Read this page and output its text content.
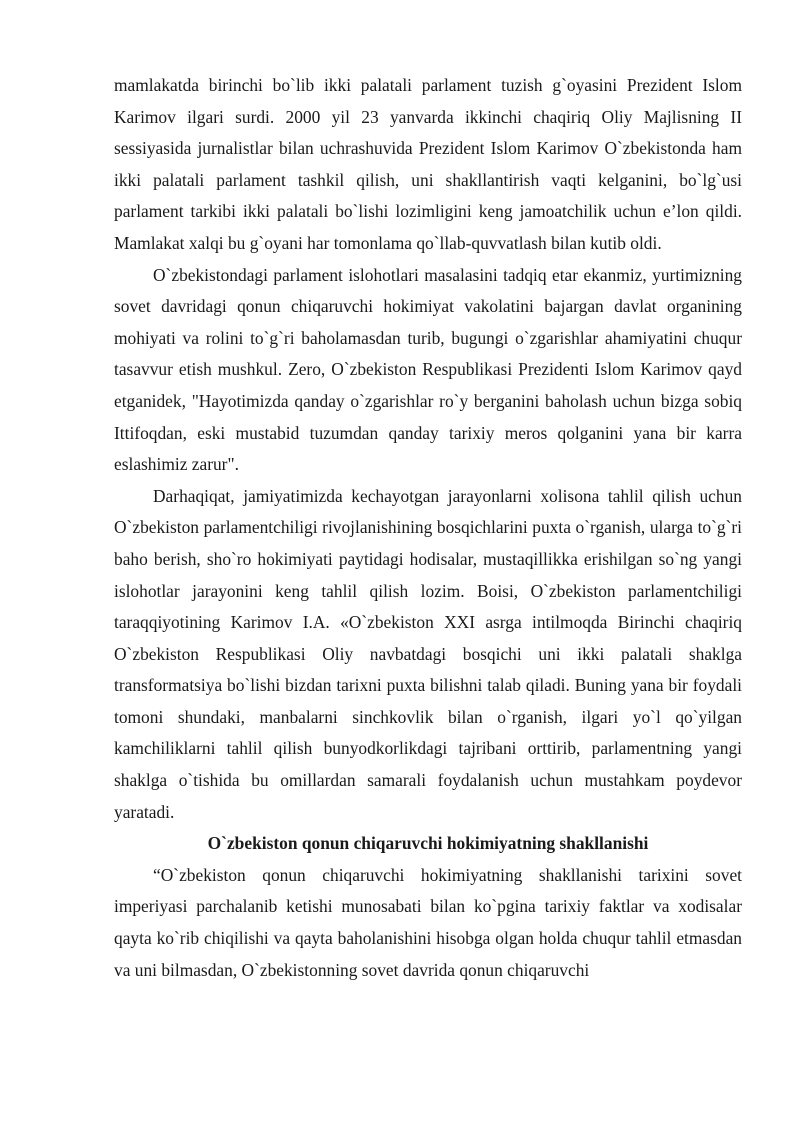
mamlakatda birinchi bo`lib ikki palatali parlament tuzish g`oyasini Prezident Islom Karimov ilgari surdi. 2000 yil 23 yanvarda ikkinchi chaqiriq Oliy Majlisning II sessiyasida jurnalistlar bilan uchrashuvida Prezident Islom Karimov O`zbekistonda ham ikki palatali parlament tashkil qilish, uni shakllantirish vaqti kelganini, bo`lg`usi parlament tarkibi ikki palatali bo`lishi lozimligini keng jamoatchilik uchun e’lon qildi. Mamlakat xalqi bu g`oyani har tomonlama qo`llab-quvvatlash bilan kutib oldi.

O`zbekistondagi parlament islohotlari masalasini tadqiq etar ekanmiz, yurtimizning sovet davridagi qonun chiqaruvchi hokimiyat vakolatini bajargan davlat organining mohiyati va rolini to`g`ri baholamasdan turib, bugungi o`zgarishlar ahamiyatini chuqur tasavvur etish mushkul. Zero, O`zbekiston Respublikasi Prezidenti Islom Karimov qayd etganidek, "Hayotimizda qanday o`zgarishlar ro`y berganini baholash uchun bizga sobiq Ittifoqdan, eski mustabid tuzumdan qanday tarixiy meros qolganini yana bir karra eslashimiz zarur".

Darhaqiqat, jamiyatimizda kechayotgan jarayonlarni xolisona tahlil qilish uchun O`zbekiston parlamentchiligi rivojlanishining bosqichlarini puxta o`rganish, ularga to`g`ri baho berish, sho`ro hokimiyati paytidagi hodisalar, mustaqillikka erishilgan so`ng yangi islohotlar jarayonini keng tahlil qilish lozim. Boisi, O`zbekiston parlamentchiligi taraqqiyotining Karimov I.A. «O`zbekiston XXI asrga intilmoqda Birinchi chaqiriq O`zbekiston Respublikasi Oliy navbatdagi bosqichi uni ikki palatali shaklga transformatsiya bo`lishi bizdan tarixni puxta bilishni talab qiladi. Buning yana bir foydali tomoni shundaki, manbalarni sinchkovlik bilan o`rganish, ilgari yo`l qo`yilgan kamchiliklarni tahlil qilish bunyodkorlikdagi tajribani orttirib, parlamentning yangi shaklga o`tishida bu omillardan samarali foydalanish uchun mustahkam poydevor yaratadi.

O`zbekiston qonun chiqaruvchi hokimiyatning shakllanishi

“O`zbekiston qonun chiqaruvchi hokimiyatning shakllanishi tarixini sovet imperiyasi parchalanib ketishi munosabati bilan ko`pgina tarixiy faktlar va xodisalar qayta ko`rib chiqilishi va qayta baholanishini hisobga olgan holda chuqur tahlil etmasdan va uni bilmasdan, O`zbekistonning sovet davrida qonun chiqaruvchi
